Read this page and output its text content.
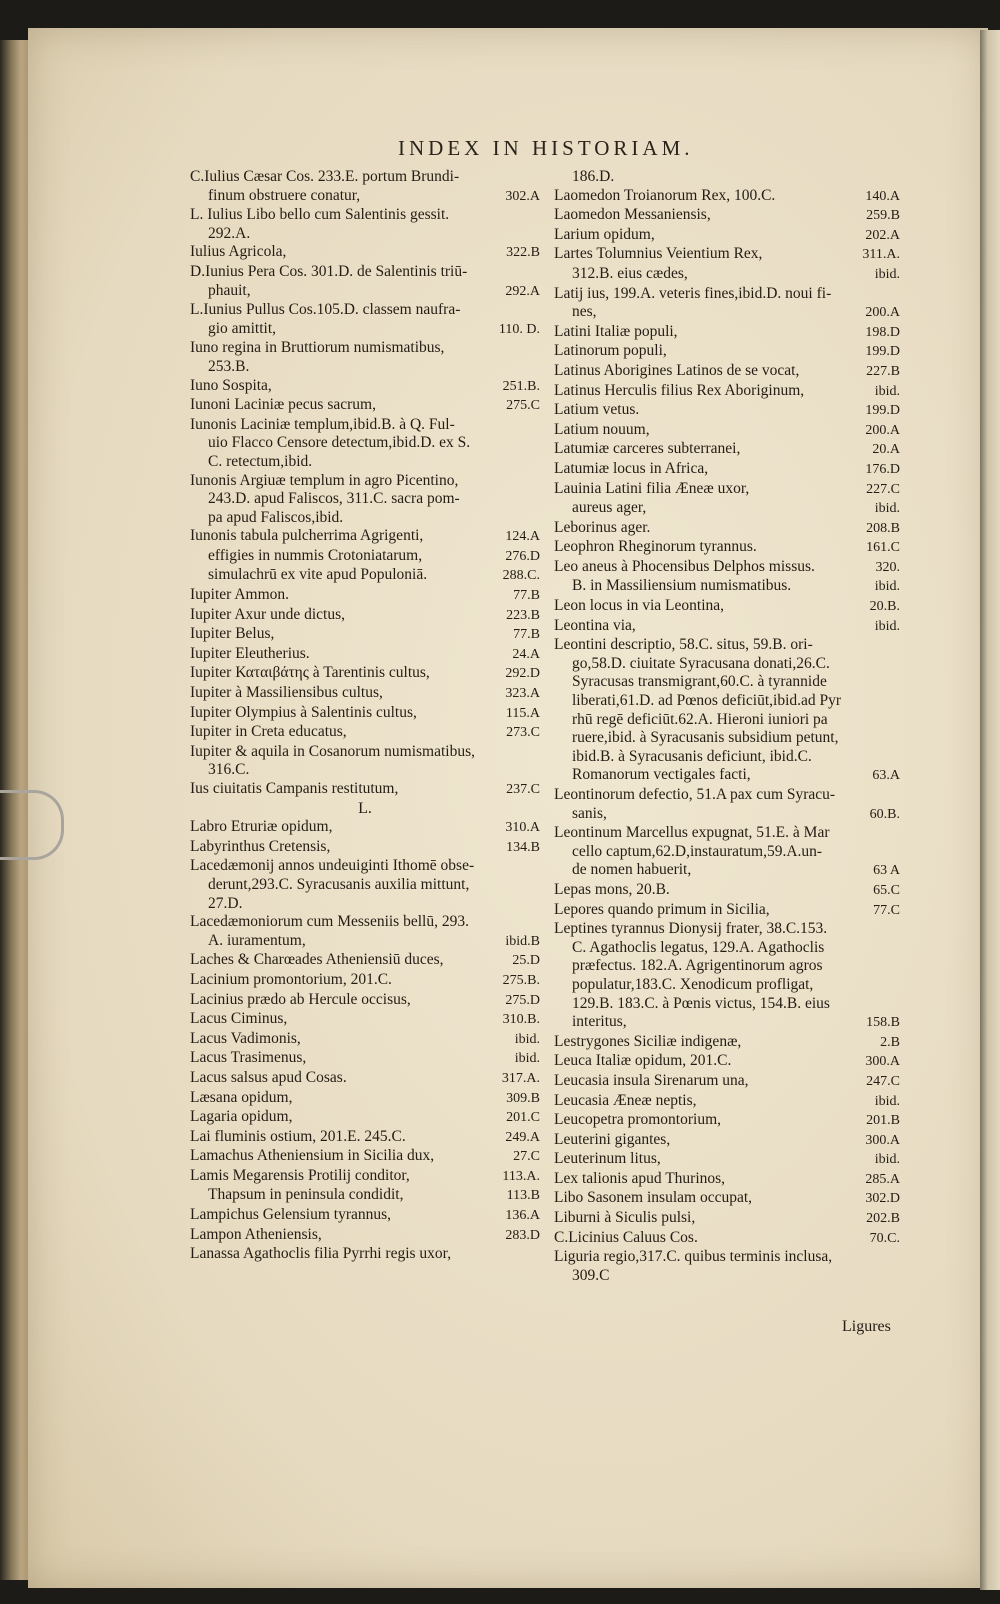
INDEX IN HISTORIAM.
C.Iulius Cæsar Cos. 233.E. portum Brundi-
finum obstruere conatur,	302.A
L. Iulius Libo bello cum Salentinis gessit.
292.A.
Iulius Agricola,	322.B
D.Iunius Pera Cos. 301.D. de Salentinis triū-
phauit,	292.A
L.Iunius Pullus Cos.105.D. classem naufra-
gio amittit,	110. D.
Iuno regina in Bruttiorum numismatibus,
253.B.
Iuno Sospita,	251.B.
Iunoni Laciniæ pecus sacrum,	275.C
Iunonis Laciniæ templum,ibid.B. à Q. Ful-
uio Flacco Censore detectum,ibid.D. ex S.
C. retectum,ibid.
Iunonis Argiuæ templum in agro Picentino,
243.D. apud Faliscos, 311.C. sacra pom-
pa apud Faliscos,ibid.
Iunonis tabula pulcherrima Agrigenti,	124.A
effigies in nummis Crotoniatarum,	276.D
simulachrū ex vite apud Populoniā.	288.C.
Iupiter Ammon.	77.B
Iupiter Axur unde dictus,	223.B
Iupiter Belus,	77.B
Iupiter Eleutherius.	24.A
Iupiter Καταιβάτης à Tarentinis cultus,	292.D
Iupiter à Massiliensibus cultus,	323.A
Iupiter Olympius à Salentinis cultus,	115.A
Iupiter in Creta educatus,	273.C
Iupiter & aquila in Cosanorum numismatibus,
316.C.
Ius ciuitatis Campanis restitutum,	237.C
L.
Labro Etruriæ opidum,	310.A
Labyrinthus Cretensis,	134.B
Lacedæmonij annos undeuiginti Ithomē obse-
derunt,293.C. Syracusanis auxilia mittunt,
27.D.
Lacedæmoniorum cum Messeniis bellū, 293.
A. iuramentum,	ibid.B
Laches & Charœades Atheniensiū duces,	25.D
Lacinium promontorium, 201.C.	275.B.
Lacinius prædo ab Hercule occisus,	275.D
Lacus Ciminus,	310.B.
Lacus Vadimonis,	ibid.
Lacus Trasimenus,	ibid.
Lacus salsus apud Cosas.	317.A.
Læsana opidum,	309.B
Lagaria opidum,	201.C
Lai fluminis ostium, 201.E. 245.C.	249.A
Lamachus Atheniensium in Sicilia dux,	27.C
Lamis Megarensis Protilij conditor,	113.A.
Thapsum in peninsula condidit,	113.B
Lampichus Gelensium tyrannus,	136.A
Lampon Atheniensis,	283.D
Lanassa Agathoclis filia Pyrrhi regis uxor,
186.D.
Laomedon Troianorum Rex, 100.C.	140.A
Laomedon Messaniensis,	259.B
Larium opidum,	202.A
Lartes Tolumnius Veientium Rex,	311.A.
312.B. eius cædes,	ibid.
Latij ius, 199.A. veteris fines,ibid.D. noui fi-
nes,	200.A
Latini Italiæ populi,	198.D
Latinorum populi,	199.D
Latinus Aborigines Latinos de se vocat,	227.B
Latinus Herculis filius Rex Aboriginum,	ibid.
Latium vetus.	199.D
Latium nouum,	200.A
Latumiæ carceres subterranei,	20.A
Latumiæ locus in Africa,	176.D
Lauinia Latini filia Æneæ uxor,	227.C
aureus ager,	ibid.
Leborinus ager.	208.B
Leophron Rheginorum tyrannus.	161.C
Leo aneus à Phocensibus Delphos missus.	320.
B. in Massiliensium numismatibus.	ibid.
Leon locus in via Leontina,	20.B.
Leontina via,	ibid.
Leontini descriptio, 58.C. situs, 59.B. ori-
go,58.D. ciuitate Syracusana donati,26.C.
Syracusas transmigrant,60.C. à tyrannide
liberati,61.D. ad Pœnos deficiūt,ibid.ad Pyr
rhū regē deficiūt.62.A. Hieroni iuniori pa
ruere,ibid. à Syracusanis subsidium petunt,
ibid.B. à Syracusanis deficiunt, ibid.C.
Romanorum vectigales facti,	63.A
Leontinorum defectio, 51.A pax cum Syracu-
sanis,	60.B.
Leontinum Marcellus expugnat, 51.E. à Mar
cello captum,62.D,instauratum,59.A.un-
de nomen habuerit,	63 A
Lepas mons, 20.B.	65.C
Lepores quando primum in Sicilia,	77.C
Leptines tyrannus Dionysij frater, 38.C.153.
C. Agathoclis legatus, 129.A. Agathoclis
præfectus. 182.A. Agrigentinorum agros
populatur,183.C. Xenodicum profligat,
129.B. 183.C. à Pœnis victus, 154.B. eius
interitus,	158.B
Lestrygones Siciliæ indigenæ,	2.B
Leuca Italiæ opidum, 201.C.	300.A
Leucasia insula Sirenarum una,	247.C
Leucasia Æneæ neptis,	ibid.
Leucopetra promontorium,	201.B
Leuterini gigantes,	300.A
Leuterinum litus,	ibid.
Lex talionis apud Thurinos,	285.A
Libo Sasonem insulam occupat,	302.D
Liburni à Siculis pulsi,	202.B
C.Licinius Caluus Cos.	70.C.
Liguria regio,317.C. quibus terminis inclusa,
309.C
Ligures
